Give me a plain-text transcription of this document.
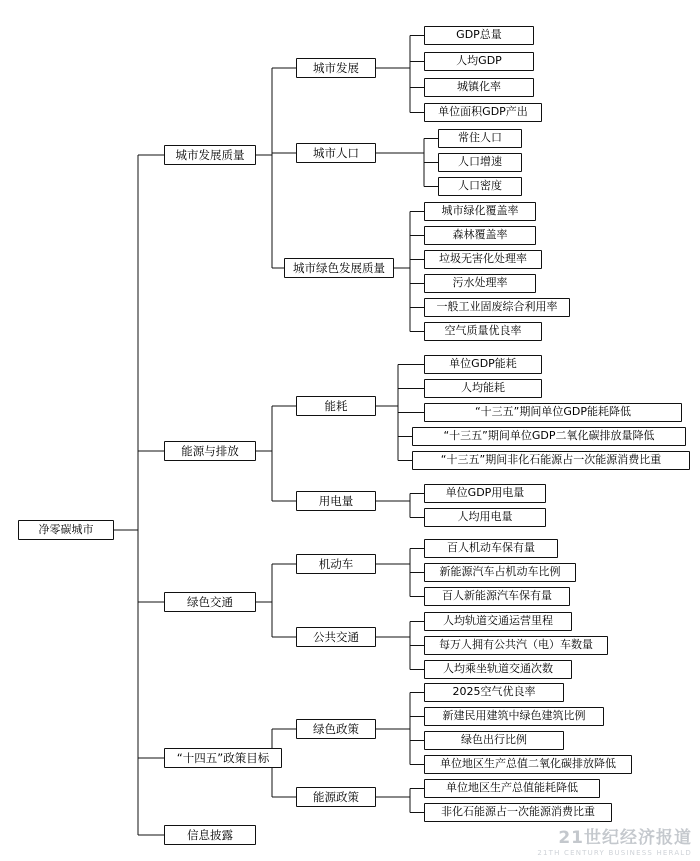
净零碳城市
城市发展质量
能源与排放
绿色交通
“十四五”政策目标
信息披露
城市发展
城市人口
城市绿色发展质量
能耗
用电量
机动车
公共交通
绿色政策
能源政策
GDP总量
人均GDP
城镇化率
单位面积GDP产出
常住人口
人口增速
人口密度
城市绿化覆盖率
森林覆盖率
垃圾无害化处理率
污水处理率
一般工业固废综合利用率
空气质量优良率
单位GDP能耗
人均能耗
“十三五”期间单位GDP能耗降低
“十三五”期间单位GDP二氧化碳排放量降低
“十三五”期间非化石能源占一次能源消费比重
单位GDP用电量
人均用电量
百人机动车保有量
新能源汽车占机动车比例
百人新能源汽车保有量
人均轨道交通运营里程
每万人拥有公共汽（电）车数量
人均乘坐轨道交通次数
2025空气优良率
新建民用建筑中绿色建筑比例
绿色出行比例
单位地区生产总值二氧化碳排放降低
单位地区生产总值能耗降低
非化石能源占一次能源消费比重
21世纪经济报道
21TH CENTURY BUSINESS HERALD
